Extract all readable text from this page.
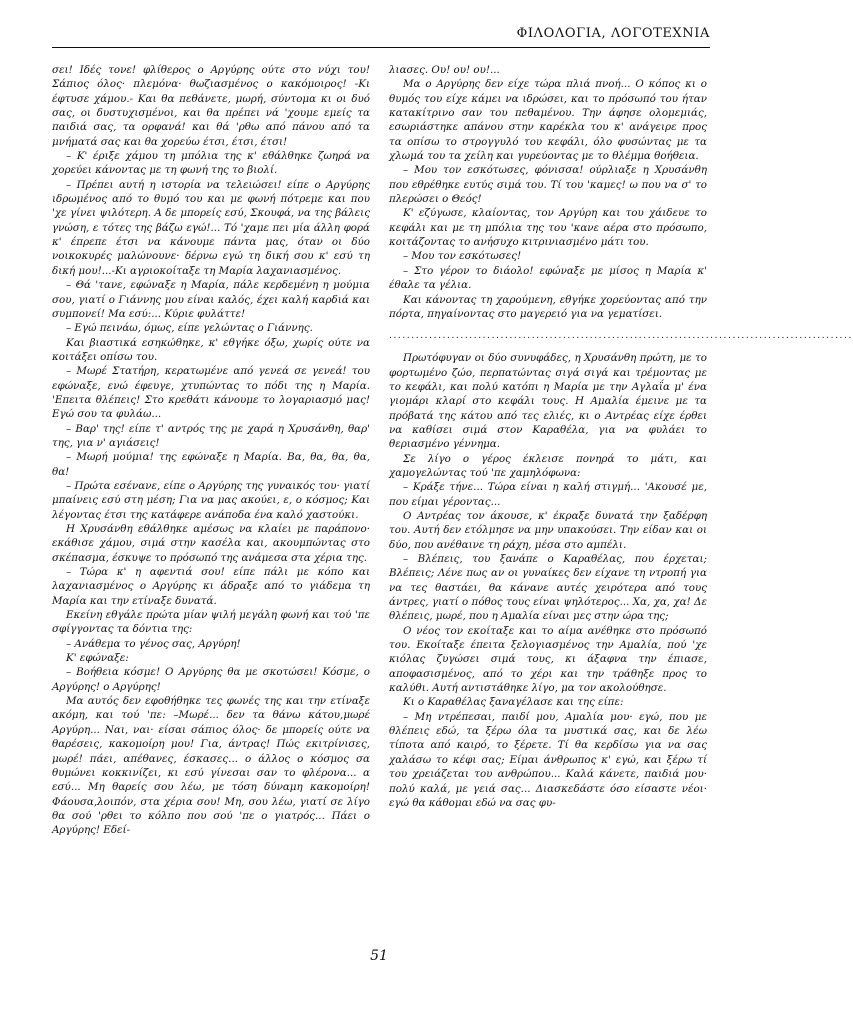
ΦΙΛΟΛΟΓΙΑ, ΛΟΓΟΤΕΧΝΙΑ

σει! Ιδές τονε! φλίθερος ο Αργύρης ούτε στο νύχι του! Σάπιος όλος· πλεμόνα· θωζιασμένος ο κακόμοιρος! -Κι έφτυσε χάμου.- Και θα πεθάνετε, μωρή, σύντομα κι οι δυό σας, οι δυστυχισμένοι, και θα πρέπει νά 'χουμε εμείς τα παιδιά σας, τα ορφανά! και θά 'ρθω από πάνου από τα μνήματά σας και θα χορεύω έτσι, έτσι, έτσι!

– Κ' έριξε χάμου τη μπόλια της κ' εθάλθηκε ζωηρά να χορεύει κάνοντας με τη φωνή της το βιολί.

– Πρέπει αυτή η ιστορία να τελειώσει! είπε ο Αργύρης ιδρωμένος από το θυμό του και με φωνή πότρεμε και που 'χε γίνει ψιλότερη. Α δε μπορείς εσύ, Σκουφά, να της βάλεις γνώση, ε τότες της βάζω εγώ!... Τό 'χαμε πει μία άλλη φορά κ' έπρεπε έτσι να κάνουμε πάντα μας, όταν οι δύο νοικοκυρές μαλώνουνε· δέρνω εγώ τη δική σου κ' εσύ τη δική μου!...-Κι αγριοκοίταξε τη Μαρία λαχανιασμένος.

– Θά 'τανε, εφώναξε η Μαρία, πάλε κερδεμένη η μούμια σου, γιατί ο Γιάννης μου είναι καλός, έχει καλή καρδιά και συμπονεί! Μα εσύ:... Κύριε φυλάττε!

– Εγώ πεινάω, όμως, είπε γελώντας ο Γιάννης.

Και βιαστικά εσηκώθηκε, κ' εθγήκε όξω, χωρίς ούτε να κοιτάξει οπίσω του.

– Μωρέ Στατήρη, κερατωμένε από γενεά σε γενεά! του εφώναξε, ενώ έφευγε, χτυπώντας το πόδι της η Μαρία. 'Επειτα θλέπεις! Στο κρεθάτι κάνουμε το λογαριασμό μας! Εγώ σου τα φυλάω...

– Βαρ' της! είπε τ' αντρός της με χαρά η Χρυσάνθη, θαρ' της, για ν' αγιάσεις!

– Μωρή μούμια! της εφώναξε η Μαρία. Βα, θα, θα, θα, θα!

– Πρώτα εσένανε, είπε ο Αργύρης της γυναικός του· γιατί μπαίνεις εσύ στη μέση; Για να μας ακούει, ε, ο κόσμος; Και λέγοντας έτσι της κατάφερε ανάποδα ένα καλό χαστούκι.

Η Χρυσάνθη εθάλθηκε αμέσως να κλαίει με παράπονο· εκάθισε χάμου, σιμά στην κασέλα και, ακουμπώντας στο σκέπασμα, έσκυψε το πρόσωπό της ανάμεσα στα χέρια της.

– Τώρα κ' η αφεντιά σου! είπε πάλι με κόπο και λαχανιασμένος ο Αργύρης κι άδραξε από το γιάδεμα τη Μαρία και την ετίναξε δυνατά.

Εκείνη εθγάλε πρώτα μίαν ψιλή μεγάλη φωνή και τού 'πε σφίγγοντας τα δόντια της:

– Ανάθεμα το γένος σας, Αργύρη!

Κ' εφώναξε:

– Βοήθεια κόσμε! Ο Αργύρης θα με σκοτώσει! Κόσμε, ο Αργύρης! ο Αργύρης!

Μα αυτός δεν εφοθήθηκε τες φωνές της και την ετίναξε ακόμη, και τού 'πε: –Μωρέ... δεν τα θάνω κάτου,μωρέ Αργύρη... Ναι, ναι· είσαι σάπιος όλος· δε μπορείς ούτε να θαρέσεις, κακομοίρη μου! Για, άντρας! Πώς εκιτρίνισες, μωρέ! πάει, απέθανες, έσκασες... ο άλλος ο κόσμος σα θυμώνει κοκκινίζει, κι εσύ γίνεσαι σαν το φλέρονα... α εσύ... Μη θαρείς σου λέω, με τόση δύναμη κακομοίρη! Φάουσα,λοιπόν, στα χέρια σου! Μη, σου λέω, γιατί σε λίγο θα σού 'ρθει το κόλπο που σού 'πε ο γιατρός... Πάει ο Αργύρης! Εδεί-

λιασες. Ου! ου! ου!...

Μα ο Αργύρης δεν είχε τώρα πλιά πνοή... Ο κόπος κι ο θυμός του είχε κάμει να ιδρώσει, και το πρόσωπό του ήταν κατακίτρινο σαν του πεθαμένου. Την άφησε ολομεμιάς, εσωριάστηκε απάνου στην καρέκλα του κ' ανάγειρε προς τα οπίσω το στρογγυλό του κεφάλι, όλο φυσώντας με τα χλωμά του τα χείλη και γυρεύοντας με το θλέμμα θοήθεια.

– Μου τον εσκότωσες, φόνισσα! ούρλιαξε η Χρυσάνθη που εθρέθηκε ευτύς σιμά του. Τί του 'καμες! ω που να σ' το πλερώσει ο Θεός!

Κ' εζύγωσε, κλαίοντας, τον Αργύρη και του χάιδευε το κεφάλι και με τη μπόλια της του 'κανε αέρα στο πρόσωπο, κοιτάζοντας το ανήσυχο κιτρινιασμένο μάτι του.

– Μου τον εσκότωσες!

– Στο γέρον το διάολο! εφώναξε με μίσος η Μαρία κ' έθαλε τα γέλια.

Και κάνοντας τη χαρούμενη, εθγήκε χορεύοντας από την πόρτα, πηγαίνοντας στο μαγερειό για να γεματίσει.

........................................................................................................

Πρωτόφυγαν οι δύο συνυφάδες, η Χρυσάνθη πρώτη, με το φορτωμένο ζώο, περπατώντας σιγά σιγά και τρέμοντας με το κεφάλι, και πολύ κατόπι η Μαρία με την Αγλαΐα μ' ένα γιομάρι κλαρί στο κεφάλι τους. Η Αμαλία έμεινε με τα πρόβατά της κάτου από τες ελιές, κι ο Αντρέας είχε έρθει να καθίσει σιμά στον Καραθέλα, για να φυλάει το θεριασμένο γέννημα.

Σε λίγο ο γέρος έκλεισε πονηρά το μάτι, και χαμογελώντας τού 'πε χαμηλόφωνα:

– Κράξε τήνε... Τώρα είναι η καλή στιγμή... 'Ακουσέ με, που είμαι γέροντας...

Ο Αντρέας τον άκουσε, κ' έκραξε δυνατά την ξαδέρφη του. Αυτή δεν ετόλμησε να μην υπακούσει. Την είδαν και οι δύο, που ανέθαινε τη ράχη, μέσα στο αμπέλι.

– Βλέπεις, του ξανάπε ο Καραθέλας, που έρχεται; Βλέπεις; Λένε πως αν οι γυναίκες δεν είχανε τη ντροπή για να τες θαστάει, θα κάνανε αυτές χειρότερα από τους άντρες, γιατί ο πόθος τους είναι ψηλότερος... Χα, χα, χα! Δε θλέπεις, μωρέ, που η Αμαλία είναι μες στην ώρα της;

Ο νέος τον εκοίταξε και το αίμα ανέθηκε στο πρόσωπό του. Εκοίταξε έπειτα ξελογιασμένος την Αμαλία, πού 'χε κιόλας ζυγώσει σιμά τους, κι άξαφνα την έπιασε, αποφασισμένος, από το χέρι και την τράθηξε προς το καλύθι. Αυτή αντιστάθηκε λίγο, μα τον ακολούθησε.

Κι ο Καραθέλας ξαναγέλασε και της είπε:

– Μη ντρέπεσαι, παιδί μου, Αμαλία μου· εγώ, που με θλέπεις εδώ, τα ξέρω όλα τα μυστικά σας, και δε λέω τίποτα από καιρό, το ξέρετε. Τί θα κερδίσω για να σας χαλάσω το κέφι σας; Είμαι άνθρωπος κ' εγώ, και ξέρω τί του χρειάζεται του ανθρώπου... Καλά κάνετε, παιδιά μου· πολύ καλά, με γειά σας... Διασκεδάστε όσο είσαστε νέοι· εγώ θα κάθομαι εδώ να σας φυ-

51
